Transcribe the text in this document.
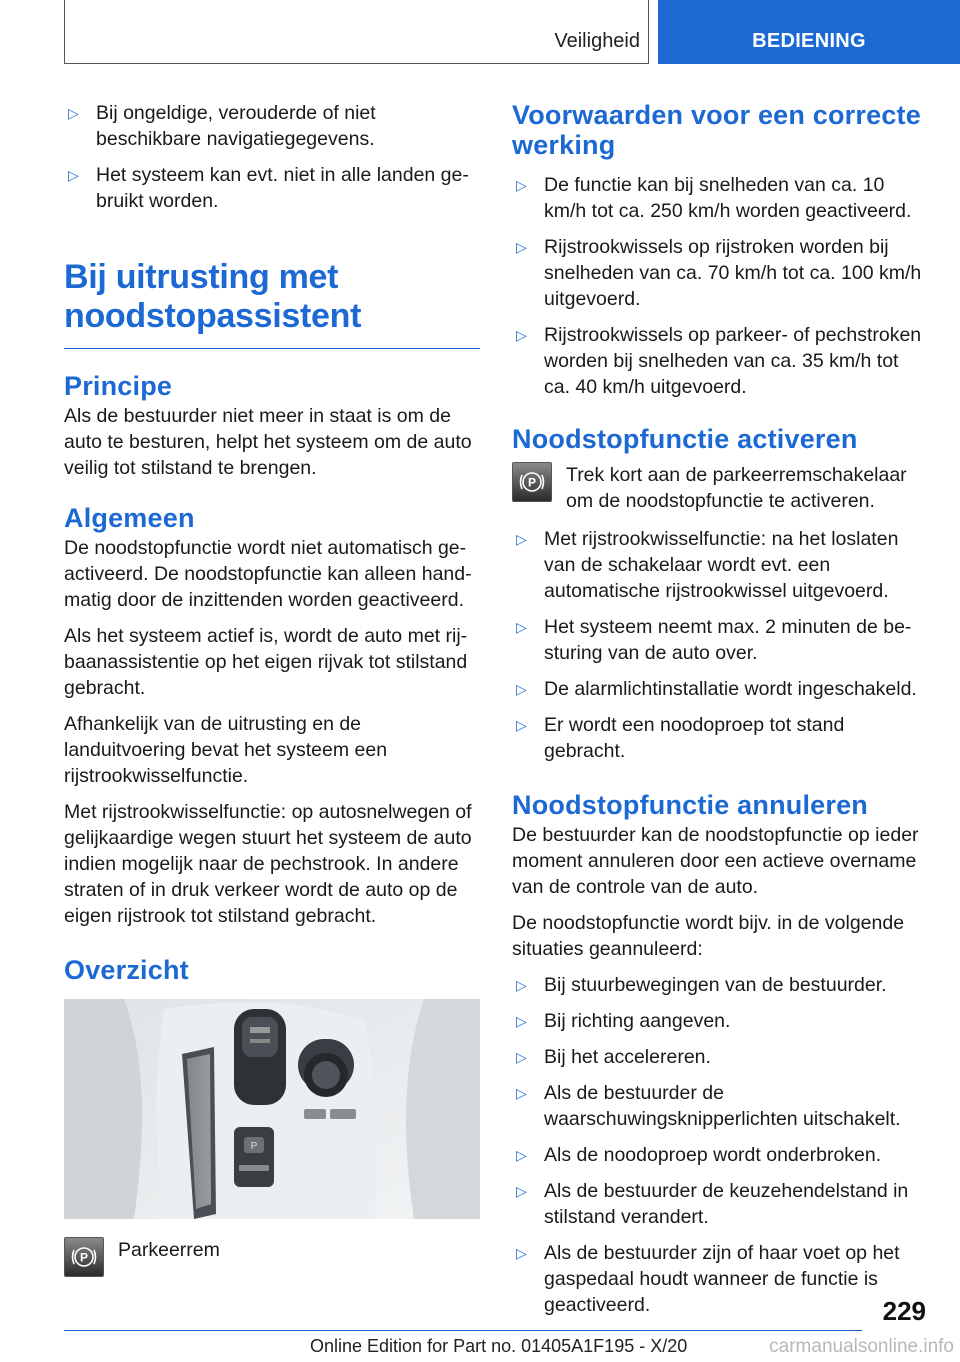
Veiligheid	BEDIENING
▷ Bij ongeldige, verouderde of niet beschikbare navigatiegegevens.
▷ Het systeem kan evt. niet in alle landen gebruikt worden.
Bij uitrusting met noodstopassistent
Principe

Als de bestuurder niet meer in staat is om de auto te besturen, helpt het systeem om de auto veilig tot stilstand te brengen.

Algemeen

De noodstopfunctie wordt niet automatisch geactiveerd. De noodstopfunctie kan alleen handmatig door de inzittenden worden geactiveerd.

Als het systeem actief is, wordt de auto met rijbaanassistentie op het eigen rijvak tot stilstand gebracht.

Afhankelijk van de uitrusting en de landuitvoering bevat het systeem een rijstrookwisselfunctie.

Met rijstrookwisselfunctie: op autosnelwegen of gelijkaardige wegen stuurt het systeem de auto indien mogelijk naar de pechstrook. In andere straten of in druk verkeer wordt de auto op de eigen rijstrook tot stilstand gebracht.

Overzicht
P
P Parkeerrem
Voorwaarden voor een correcte werking
▷ De functie kan bij snelheden van ca. 10 km/h tot ca. 250 km/h worden geactiveerd.
▷ Rijstrookwissels op rijstroken worden bij snelheden van ca. 70 km/h tot ca. 100 km/h uitgevoerd.
▷ Rijstrookwissels op parkeer- of pechstroken worden bij snelheden van ca. 35 km/h tot ca. 40 km/h uitgevoerd.
Noodstopfunctie activeren
P Trek kort aan de parkeerremschakelaar om de noodstopfunctie te activeren.
▷ Met rijstrookwisselfunctie: na het loslaten van de schakelaar wordt evt. een automatische rijstrookwissel uitgevoerd.
▷ Het systeem neemt max. 2 minuten de besturing van de auto over.
▷ De alarmlichtinstallatie wordt ingeschakeld.
▷ Er wordt een noodoproep tot stand gebracht.
Noodstopfunctie annuleren

De bestuurder kan de noodstopfunctie op ieder moment annuleren door een actieve overname van de controle van de auto.

De noodstopfunctie wordt bijv. in de volgende situaties geannuleerd:

▷ Bij stuurbewegingen van de bestuurder.
▷ Bij richting aangeven.
▷ Bij het accelereren.
▷ Als de bestuurder de waarschuwingsknipperlichten uitschakelt.
▷ Als de noodoproep wordt onderbroken.
▷ Als de bestuurder de keuzehendelstand in stilstand verandert.
▷ Als de bestuurder zijn of haar voet op het gaspedaal houdt wanneer de functie is geactiveerd.	229
Online Edition for Part no. 01405A1F195 - X/20	carmanualsonline.info
